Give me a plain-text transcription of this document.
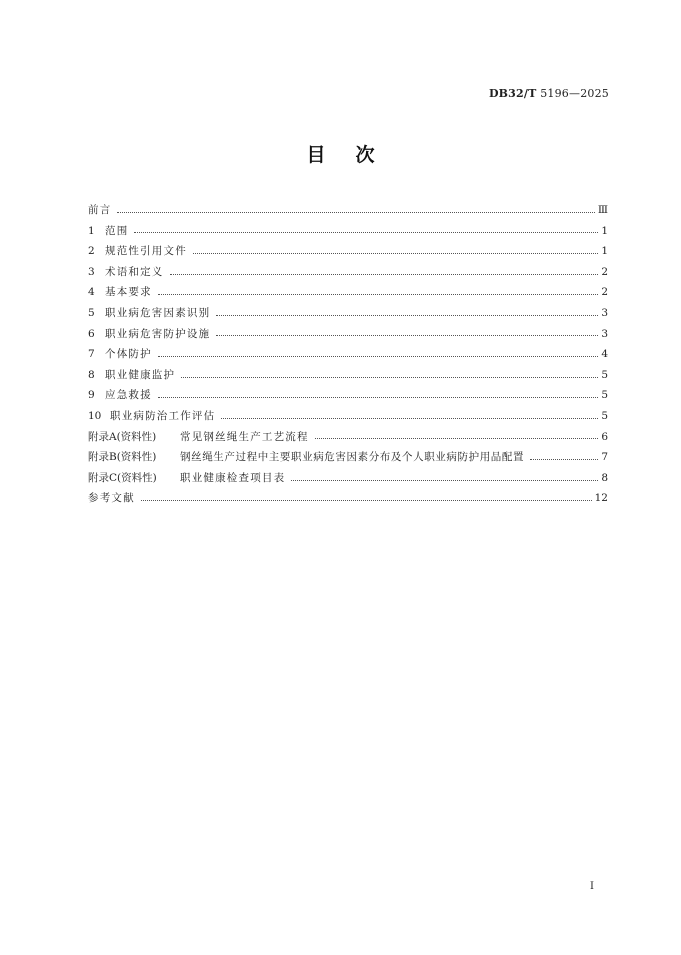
DB32/T 5196—2025
目次
前言	Ⅲ
1 范围	1
2 规范性引用文件	1
3 术语和定义	2
4 基本要求	2
5 职业病危害因素识别	3
6 职业病危害防护设施	3
7 个体防护	4
8 职业健康监护	5
9 应急救援	5
10 职业病防治工作评估	5
附录A(资料性)	常见钢丝绳生产工艺流程	6
附录B(资料性)	钢丝绳生产过程中主要职业病危害因素分布及个人职业病防护用品配置	7
附录C(资料性)	职业健康检查项目表	8
参考文献	12
I
